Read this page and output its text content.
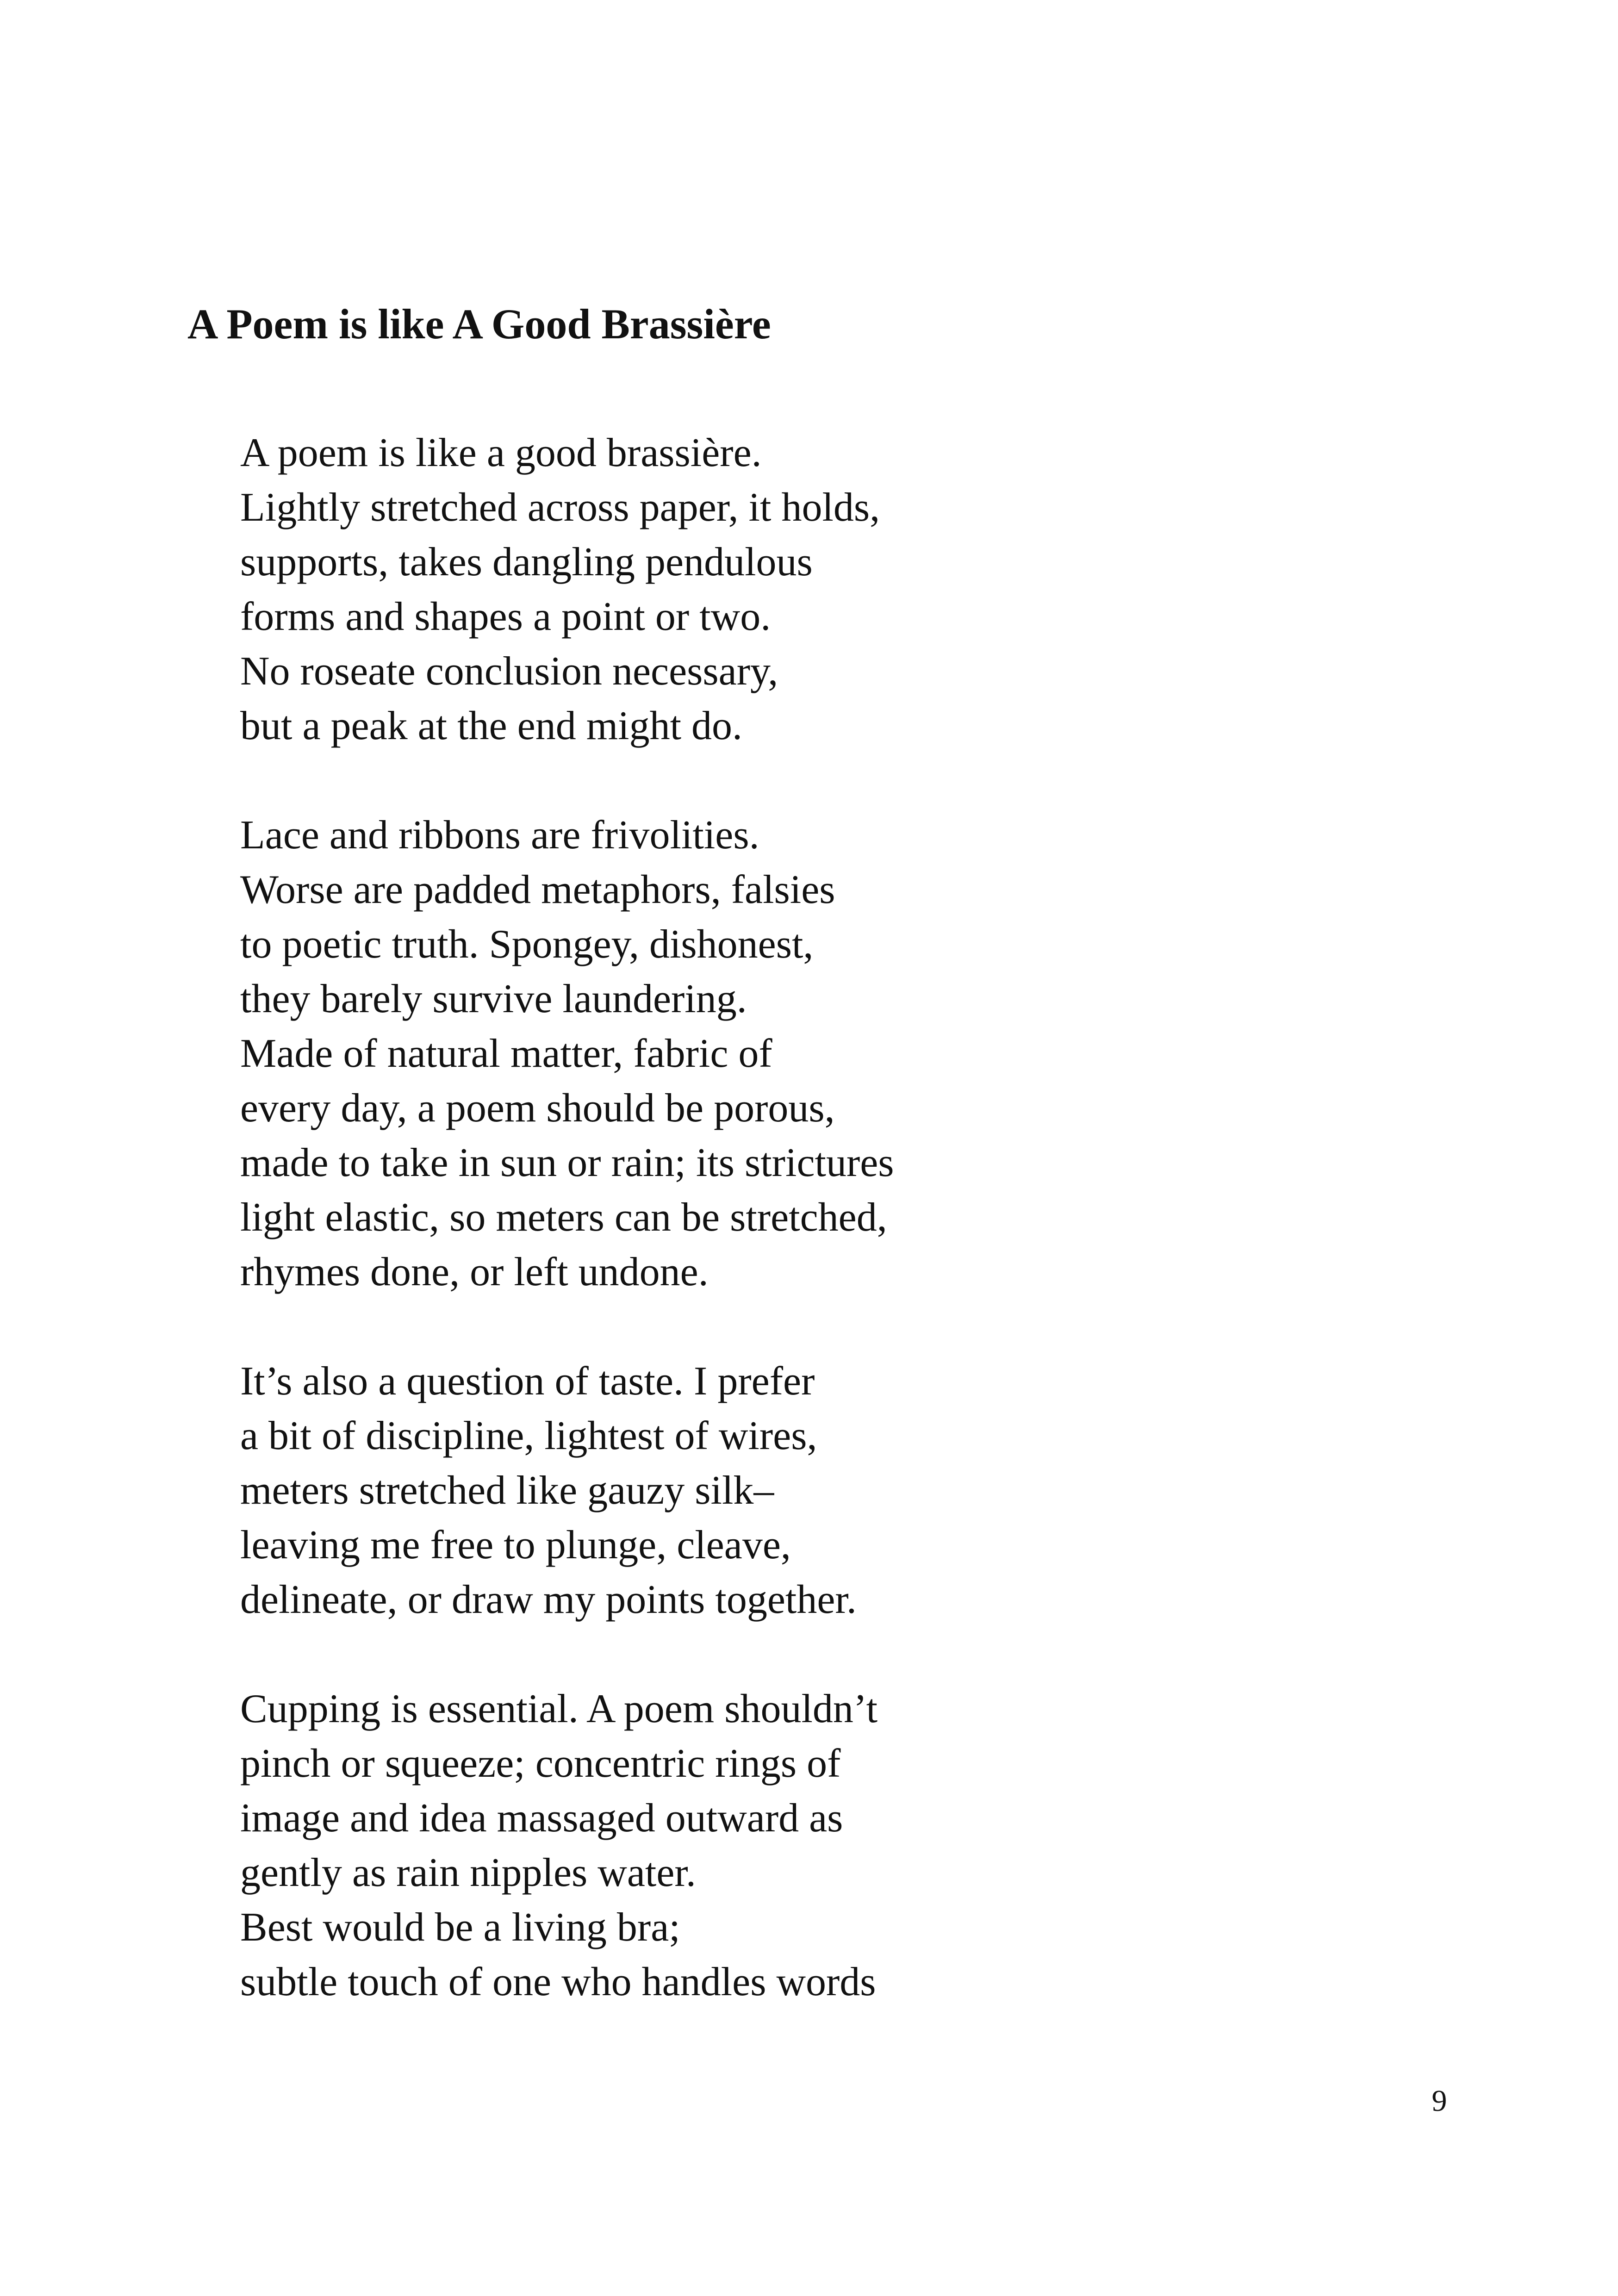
A Poem is like A Good Brassière

A poem is like a good brassière.
Lightly stretched across paper, it holds,
supports, takes dangling pendulous
forms and shapes a point or two.
No roseate conclusion necessary,
but a peak at the end might do.

Lace and ribbons are frivolities.
Worse are padded metaphors, falsies
to poetic truth. Spongey, dishonest,
they barely survive laundering.
Made of natural matter, fabric of
every day, a poem should be porous,
made to take in sun or rain; its strictures
light elastic, so meters can be stretched,
rhymes done, or left undone.

It’s also a question of taste. I prefer
a bit of discipline, lightest of wires,
meters stretched like gauzy silk–
leaving me free to plunge, cleave,
delineate, or draw my points together.

Cupping is essential. A poem shouldn’t
pinch or squeeze; concentric rings of
image and idea massaged outward as
gently as rain nipples water.
Best would be a living bra;
subtle touch of one who handles words

9
